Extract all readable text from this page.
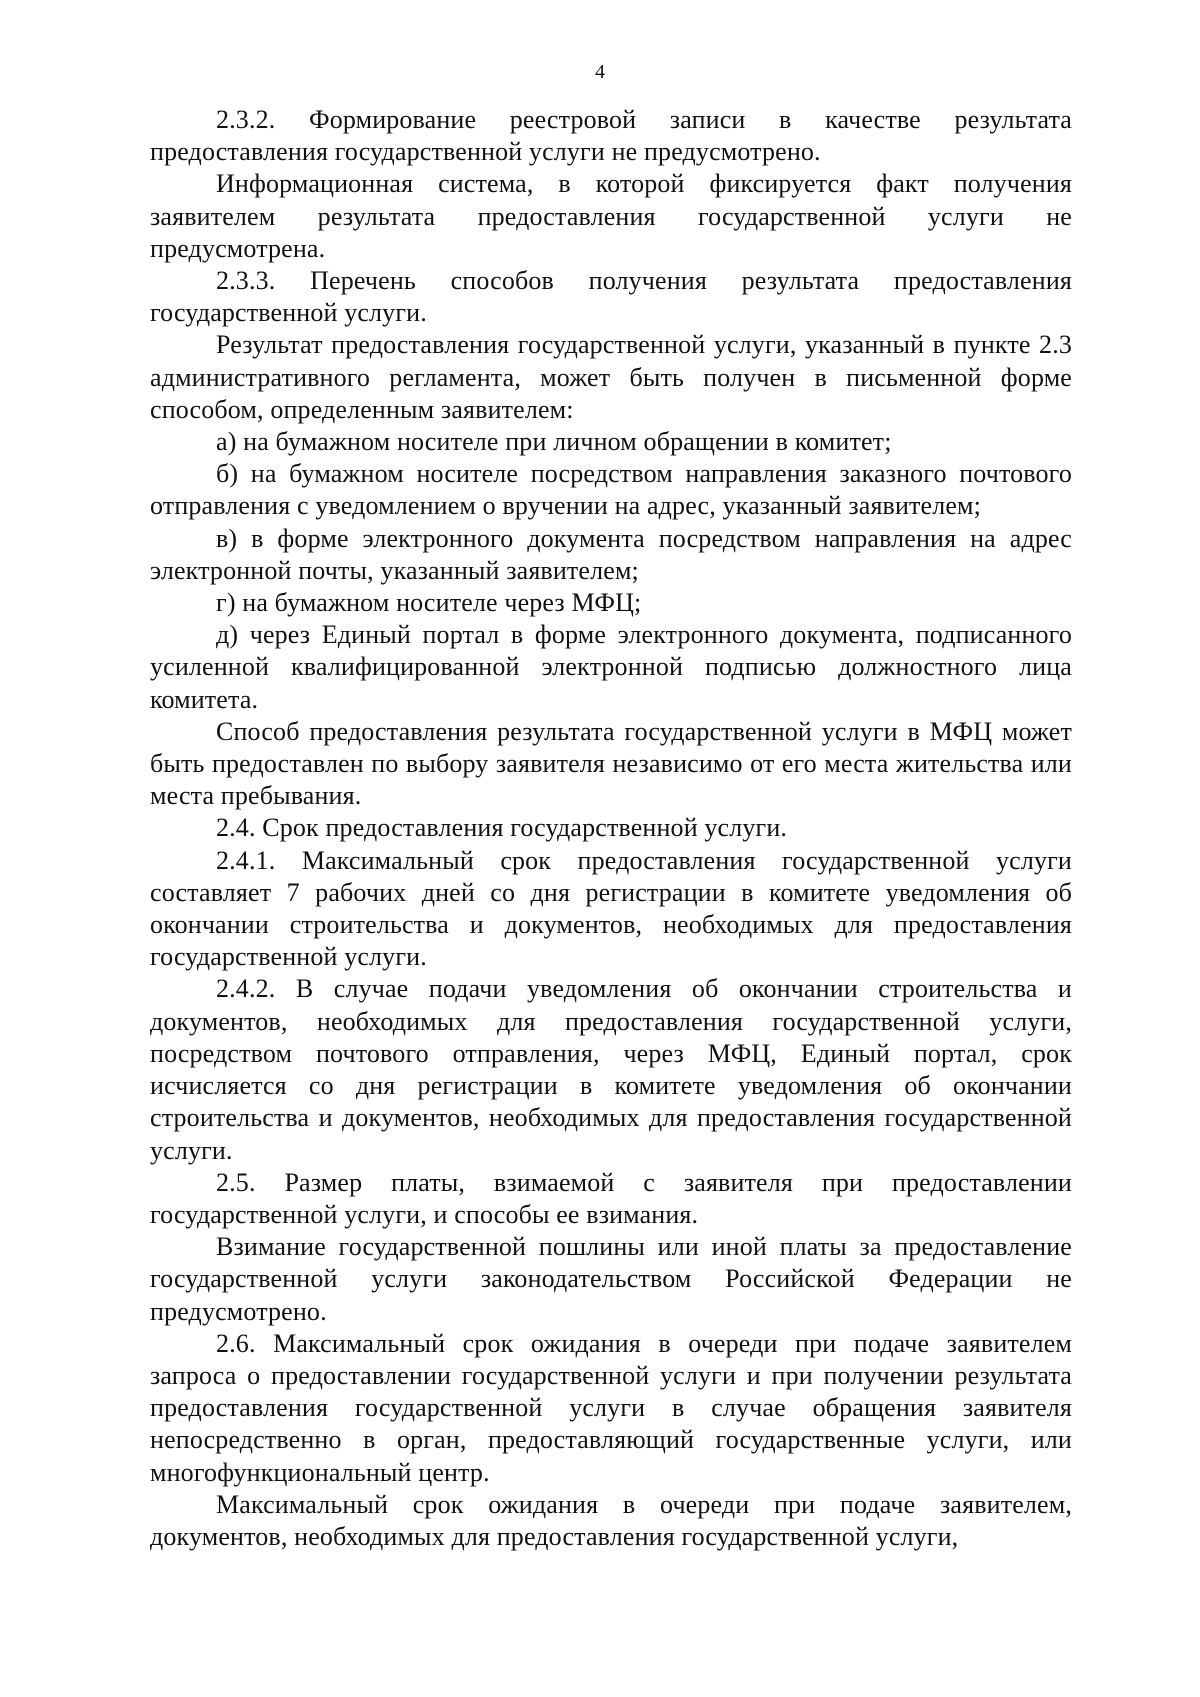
4

2.3.2. Формирование реестровой записи в качестве результата предоставления государственной услуги не предусмотрено.

Информационная система, в которой фиксируется факт получения заявителем результата предоставления государственной услуги не предусмотрена.

2.3.3. Перечень способов получения результата предоставления государственной услуги.

Результат предоставления государственной услуги, указанный в пункте 2.3 административного регламента, может быть получен в письменной форме способом, определенным заявителем:

а) на бумажном носителе при личном обращении в комитет;

б) на бумажном носителе посредством направления заказного почтового отправления с уведомлением о вручении на адрес, указанный заявителем;

в) в форме электронного документа посредством направления на адрес электронной почты, указанный заявителем;

г) на бумажном носителе через МФЦ;

д) через Единый портал в форме электронного документа, подписанного усиленной квалифицированной электронной подписью должностного лица комитета.

Способ предоставления результата государственной услуги в МФЦ может быть предоставлен по выбору заявителя независимо от его места жительства или места пребывания.

2.4. Срок предоставления государственной услуги.

2.4.1. Максимальный срок предоставления государственной услуги составляет 7 рабочих дней со дня регистрации в комитете уведомления об окончании строительства и документов, необходимых для предоставления государственной услуги.

2.4.2. В случае подачи уведомления об окончании строительства и документов, необходимых для предоставления государственной услуги, посредством почтового отправления, через МФЦ, Единый портал, срок исчисляется со дня регистрации в комитете уведомления об окончании строительства и документов, необходимых для предоставления государственной услуги.

2.5. Размер платы, взимаемой с заявителя при предоставлении государственной услуги, и способы ее взимания.

Взимание государственной пошлины или иной платы за предоставление государственной услуги законодательством Российской Федерации не предусмотрено.

2.6. Максимальный срок ожидания в очереди при подаче заявителем запроса о предоставлении государственной услуги и при получении результата предоставления государственной услуги в случае обращения заявителя непосредственно в орган, предоставляющий государственные услуги, или многофункциональный центр.

Максимальный срок ожидания в очереди при подаче заявителем, документов, необходимых для предоставления государственной услуги,
